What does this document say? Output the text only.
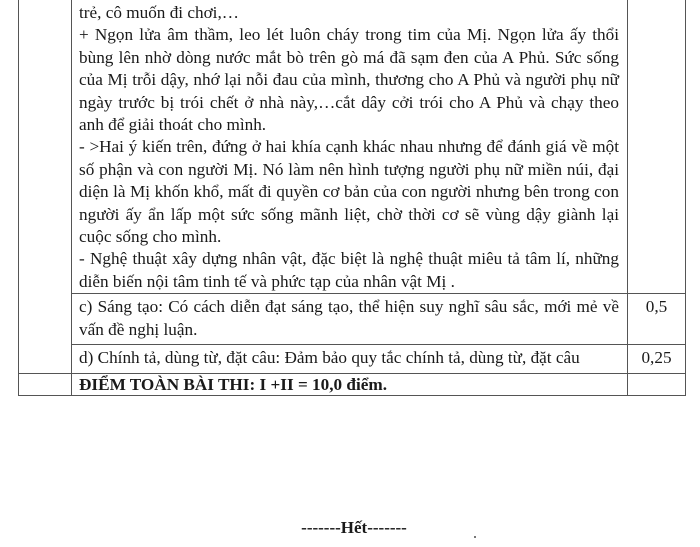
	trẻ, cô muốn đi chơi,…

+ Ngọn lửa âm thầm, leo lét luôn cháy trong tim của Mị. Ngọn lửa ấy thổi bùng lên nhờ dòng nước mắt bò trên gò má đã sạm đen của A Phủ. Sức sống của Mị trỗi dậy, nhớ lại nỗi đau của mình, thương cho A Phủ và người phụ nữ ngày trước bị trói chết ở nhà này,…cắt dây cởi trói cho A Phủ và chạy theo anh để giải thoát cho mình.

- >Hai ý kiến trên, đứng ở hai khía cạnh khác nhau nhưng để đánh giá về một số phận và con người Mị. Nó làm nên hình tượng người phụ nữ miền núi, đại diện là Mị khốn khổ, mất đi quyền cơ bản của con người nhưng bên trong con người ấy ẩn lấp một sức sống mãnh liệt, chờ thời cơ sẽ vùng dậy giành lại cuộc sống cho mình.

- Nghệ thuật xây dựng nhân vật, đặc biệt là nghệ thuật miêu tả tâm lí, những diễn biến nội tâm tinh tế và phức tạp của nhân vật Mị .	

	c) Sáng tạo: Có cách diễn đạt sáng tạo, thể hiện suy nghĩ sâu sắc, mới mẻ về vấn đề nghị luận.	0,5

	d) Chính tả, dùng từ, đặt câu: Đảm bảo quy tắc chính tả, dùng từ, đặt câu	0,25
	ĐIỂM TOÀN BÀI THI: I +II = 10,0 điểm.	
-------Hết-------
